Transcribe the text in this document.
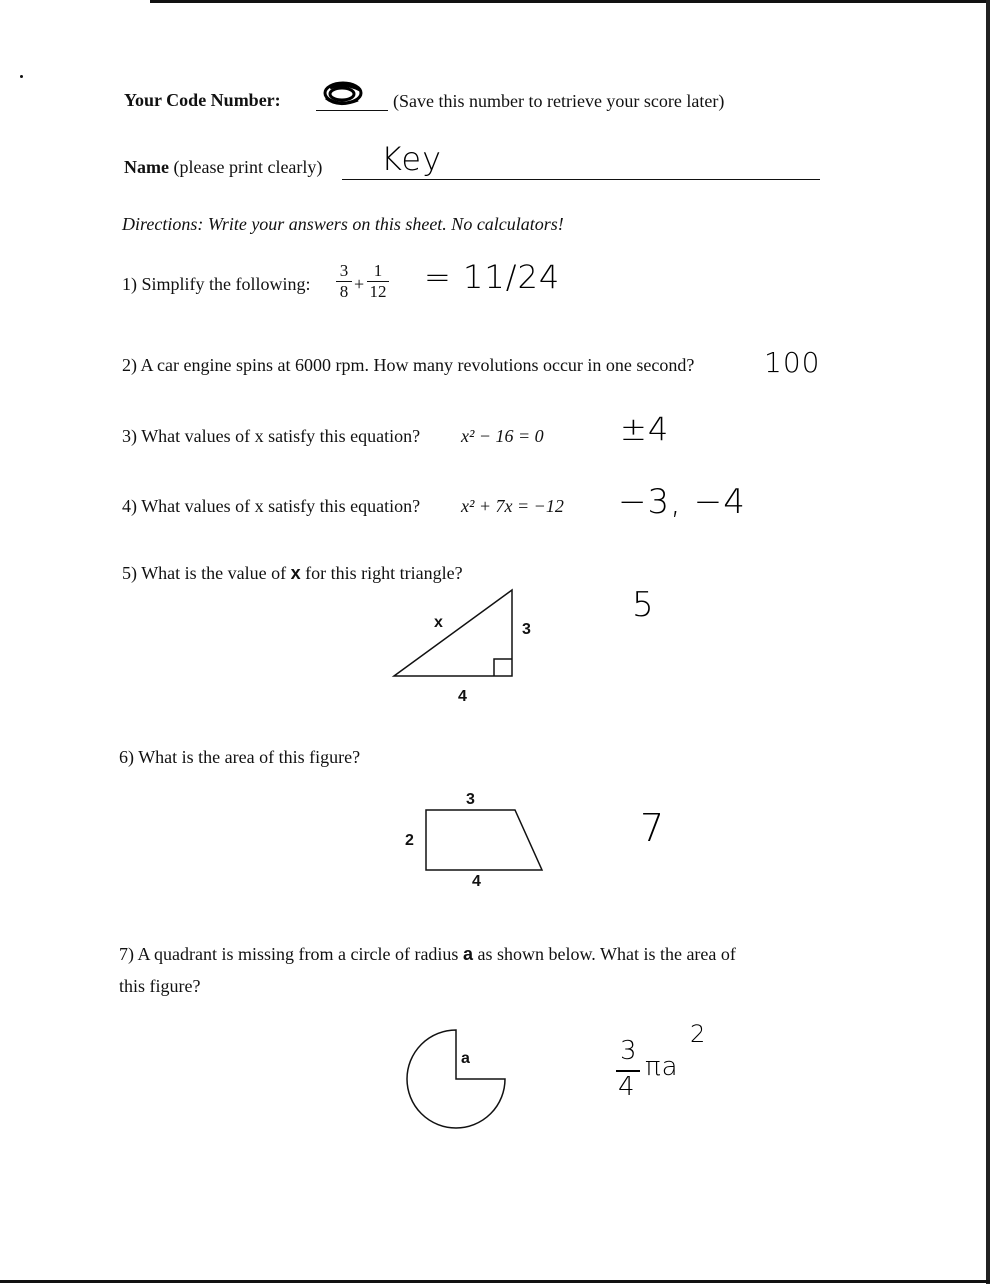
Your Code Number:	(Save this number to retrieve your score later)
Name (please print clearly) Key
Directions: Write your answers on this sheet. No calculators!
1) Simplify the following:
3
8 +
1
12 = 11/24
2) A car engine spins at 6000 rpm. How many revolutions occur in one second? 100
3) What values of x satisfy this equation? x² − 16 = 0 ±4
4) What values of x satisfy this equation? x² + 7x = −12 −3, −4
5) What is the value of x for this right triangle?
x	3
4
5
6) What is the area of this figure?
3
2
4
7
7) A quadrant is missing from a circle of radius a as shown below. What is the area of
this figure?
a	3
4
πa
2
